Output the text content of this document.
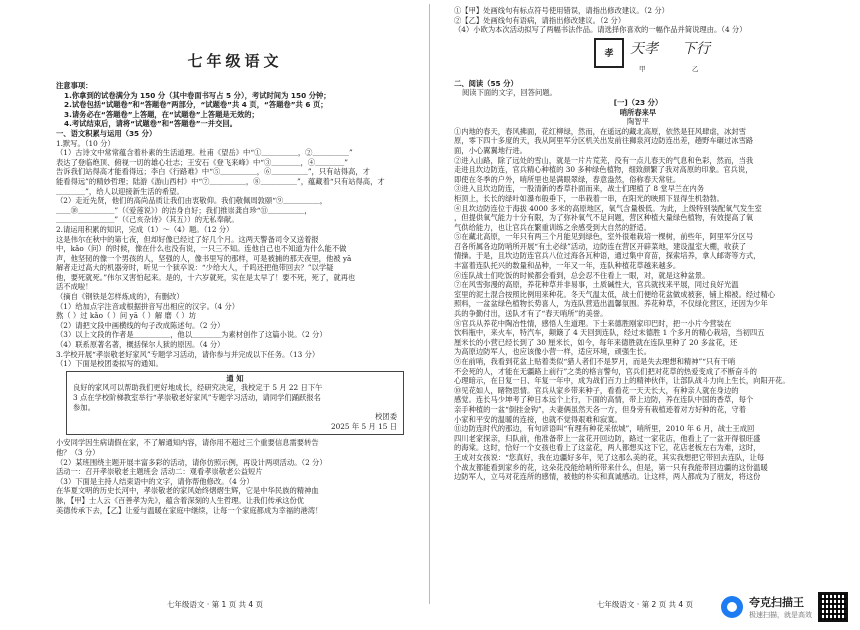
七年级语文
注意事项：
1.你拿到的试卷满分为 150 分（其中卷面书写占 5 分），考试时间为 150 分钟；
2.试卷包括“试题卷”和“答题卷”两部分，“试题卷”共 4 页，“答题卷”共 6 页；
3.请务必在“答题卷”上答题，在“试题卷”上答题是无效的；
4.考试结束后，请将“试题卷”和“答题卷”一并交回。
一、语文积累与运用（35 分）
1.默写。（10 分）
（1）古诗文中常常蕴含着朴素的生活道理。杜甫《望岳》中“①＿＿＿＿＿，②＿＿＿＿＿”
表达了登临绝顶、俯视一切的雄心壮志；王安石《登飞来峰》中“③＿＿＿＿，④＿＿＿＿”
告诉我们站得高才能看得远；李白《行路难》中“⑤＿＿＿＿＿，⑥＿＿＿＿＿”，只有站得高，才
能看得远”的精妙哲理；陆游《游山西村》中“⑦＿＿＿＿＿，⑧＿＿＿＿＿”，蕴藏着“只有站得高，才
＿＿＿＿”，给人以迎接新生活的希望。
（2）走近先贤，他们的高尚品质让我们由衷敬仰。我们敬佩周敦颐“⑨＿＿＿＿＿，
＿＿⑩＿＿＿＿＿”（《爱莲说》）的洁身自好；我们推崇龚自珍“⑪＿＿＿＿＿，
＿＿＿＿＿＿＿＿”（《己亥杂诗》（其五））的无私奉献。
2.请运用积累的知识，完成（1）～（4）题。（12 分）
这是伟尔在秋中的第七夜，但却好像已经过了好几个月。这两天警备司令又送着报
中，kǎo（问）的时候，像在什么也没有说，一只三不知。连他自己也不知道为什么能不做
声，他坚韧的像一个男孩的人，坚强的人，像书里写的那样，可是被捕的那天夜里，他被 yā
解者走过高大的机器旁时，听见一个狱卒说：“少给大人，千呜还把他带回去？”以学疑
他，要死就死。”伟尔又害怕起来。是的，十六岁就死，实在是太早了！要不死，死了，就再也
活不成啦！
（摘自《钢铁是怎样炼成的》，有删改）
（1）给加点字注音或根据拼音写出相应的汉字。（4 分）
熬（ ）过 kǎo（ ）问 yā（ ）解 磨（ ）坊
（2）请把文段中画横线的句子改成陈述句。（2 分）
（3）以上文段的作者是＿＿＿＿＿，他以＿＿＿＿为素材创作了这篇小说。（2 分）
（4）联系原著名著，概括保尔人狱的原因。（4 分）
3.学校开展“孝崇敬老好家风”专题学习活动，请你参与并完成以下任务。（13 分）
（1）下面是校团委拟写的通知。
通 知
良好的家风可以帮助我们更好地成长，经研究决定，我校定于 5 月 22 日下午
3 点在学校阶梯教室举行“孝崇敬老好家风”专题学习活动，请同学们踊跃报名
参加。
校团委
2025 年 5 月 15 日
小安同学因生病请假在家，不了解通知内容，请你用不超过三个重要信息需要转告
他？（3 分）
（2）某班围绕主题开展丰富多彩的活动，请你仿照示例，再设计两项活动。（2 分）
活动一：召开孝崇敬老主题班会 活动二：观看孝崇敬老公益短片
（3）下面是主持人结束语中的文字，请你帮他修改。（4 分）
在华夏文明的历史长河中，孝崇敬老的家风始终熠熠生辉，它是中华民族的精神血
脉，【甲】士人云《百善孝为先》，蕴含着深刻的人生哲理。让我们传承这份优
美德传承下去，【乙】让爱与温暖在家庭中继续，让每一个家庭都成为幸福的港湾！
七年级语文 · 第 1 页 共 4 页
①【甲】处画线句有标点符号使用错误，请指出修改建议。（2 分）
②【乙】处画线句有语病，请指出修改建议。（2 分）
（4）小欧为本次活动拟写了两幅书法作品。请选择你喜欢的一幅作品并简说理由。（4 分）
孝	天孝 下行
甲	乙
二、阅读（55 分）
阅读下面的文字，回答问题。
[一]（23 分）
哨所春来早
陶智平
①内地的春天，春风拂面，花红柳绿，然而，在遥远的藏北高原，依然是狂风肆虐，冰封雪
原，零下四十多度的天，我从阿里军分区机关出发前往狮泉河边防连出差，趟野车碾过冰雪路
面，小心翼翼地行进。
②进入山路，除了远处的雪山，就是一片片荒芜，没有一点儿春天的气息和色彩，然而，当我
走进且坎边防连，官兵精心种植的 30 多种绿色植物，细致颜繁了我对高原的印象。官兵说，
即使在冬季的户外，哨所里也是满眼翠绿，春意盎然，俗称春天常驻。
③进入且坎边防连，一股清新的香草扑面而来，战士们理植了 8 堂早兰在内务
柜顶上，长长的绿叶如瀑布般垂下，一串栽着一串，在阳光的映照下显得生机勃勃。
④且坎边防连位于海拔 4000 多米的高原地区，氧气含量极低。为此，上级特别装配氧气发生室
，但提供氧气能力十分有限，为了弥补氧气不足问题，营区种植大量绿色植物，有效提高了氧
气供给能力，也让官兵在繁重训练之余感受到大自然的舒适。
⑤在藏北高原，一年只有两三个月能见到绿色，室外很难栽培一棵树，前些年，阿里军分区号
召各所属各边防哨所开展“有土必绿”活动，边防连在营区开辟菜地，建设温室大棚，收获了
情操。于是，且坎边防连官兵八位过海各瓦种语，通过集中育苗，探索培养，拿人邮寄等方式，
丰富着连队托兴的数量和品种，一年又一年，连队种植花草越来越多。
⑥连队战士们吃饭的时候都会看到，总会忍不住看上一眼，对，就是这种盆景。
⑦在风雪弥漫的高原，养花种草并非易事，土质碱性大，官兵就找来平展，同过良好光温
室里的泥土混合按照比例用来种花。冬天气温太低，战士们便给花盆做成被套，铺上棉被。经过精心
照料，一盆盆绿色植物长势喜人，为连队营造出温馨氛围。养花种草，不仅绿化营区，还因为少年
兵的争勤付出，送队才有了“春天哨所”的美誉。
⑧官兵从养花中陶冶性情，感悟人生道理。下士来德胜刚家印巴时，把一小片今营装在
饮料瓶中，来火车，特汽车，颠簸了 4 天回到连队，经过未德胜 1 个多月的精心栽培，当初四五
厘米长的小营已经长到了 30 厘米长，如今，每年来德胜就在连队里种了 20 多盆花，还
为高原边防军人，也应该像小营一样，适应环境，顽强生长。
⑨在前哨，我看到花盆上贴着类似“猎人者们不是罗月，而是失去理想和精神”“只有干哨
不会死的人，才能在无疆路上前行”之类的格言警句，官兵们把对花草的热爱变成了不断奋斗的
心理暗示，在日复一日、年复一年中，成为战们百力上的精神伙伴，让部队战斗力向上生长，向阳开花。
⑩见花如人，睹物思情。官兵从家乡带来种子，看看花一天天长大，有种亲人就在身边的
感觉。连长马少坤考了种日本远个上行，下面的高情，带上边防，养在连队中国的香草，每个
亲手种植的一盆“倒挂金钩”，夫妻俩虽然天各一方，但身旁有栽植迹着对方好种的花，守着
小家和平安的温暖的连接，也就不觉得艰难和寂寞。
⑪边防连时代的那边，有句谚语叫“有理有种花采依城”，哨所里，2010 年 6 月，战士王成回
四川老家探亲，归队前，他准备带上一盆花开回边防，路过一家花店，他看上了一盆开得很旺盛
的海棠。这时，恰好一个女孩也看上了这盆花，两人都想买这下它，花店老板左右为难，这时，
王成对女孩说：“您真好，我在边疆好多年，见了这那么美的花，其实我想把它带回去连队，让每
个战友都能看到家乡的花，这朵花没能给哨所带来什么，但是，第一只有我能带回边疆的这份温暖
边防军人，立马对花连所的感情，被他的朴实和真诚感动。让这样，两人都成为了朋友，将这份
七年级语文 · 第 2 页 共 4 页	夸克扫描王
极速扫描，就是高效
